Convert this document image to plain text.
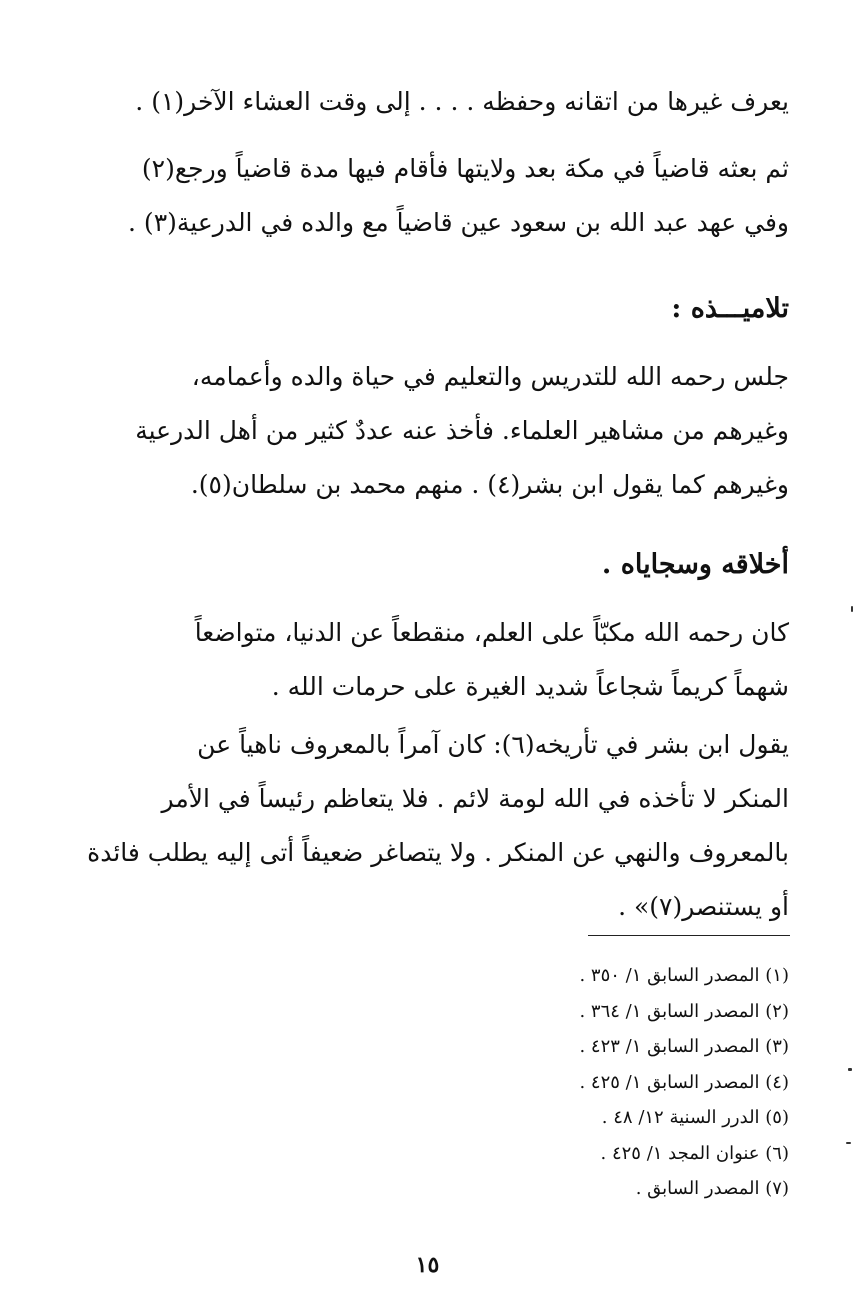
يعرف غيرها من اتقانه وحفظه . . . . إلى وقت العشاء الآخر(١) .
ثم بعثه قاضياً في مكة بعد ولايتها فأقام فيها مدة قاضياً ورجع(٢)
وفي عهد عبد الله بن سعود عين قاضياً مع والده في الدرعية(٣) .
تلاميـــذه :
جلس رحمه الله للتدريس والتعليم في حياة والده وأعمامه،
وغيرهم من مشاهير العلماء. فأخذ عنه عددٌ كثير من أهل الدرعية
وغيرهم كما يقول ابن بشر(٤) . منهم محمد بن سلطان(٥).
أخلاقه وسجاياه .
كان رحمه الله مكبّاً على العلم، منقطعاً عن الدنيا، متواضعاً
شهماً كريماً شجاعاً شديد الغيرة على حرمات الله .
يقول ابن بشر في تأريخه(٦): كان آمراً بالمعروف ناهياً عن
المنكر لا تأخذه في الله لومة لائم . فلا يتعاظم رئيساً في الأمر
بالمعروف والنهي عن المنكر . ولا يتصاغر ضعيفاً أتى إليه يطلب فائدة
أو يستنصر(٧)» .
(١) المصدر السابق ١/ ٣٥٠ .
(٢) المصدر السابق ١/ ٣٦٤ .
(٣) المصدر السابق ١/ ٤٢٣ .
(٤) المصدر السابق ١/ ٤٢٥ .
(٥) الدرر السنية ١٢/ ٤٨ .
(٦) عنوان المجد ١/ ٤٢٥ .
(٧) المصدر السابق .
١٥
